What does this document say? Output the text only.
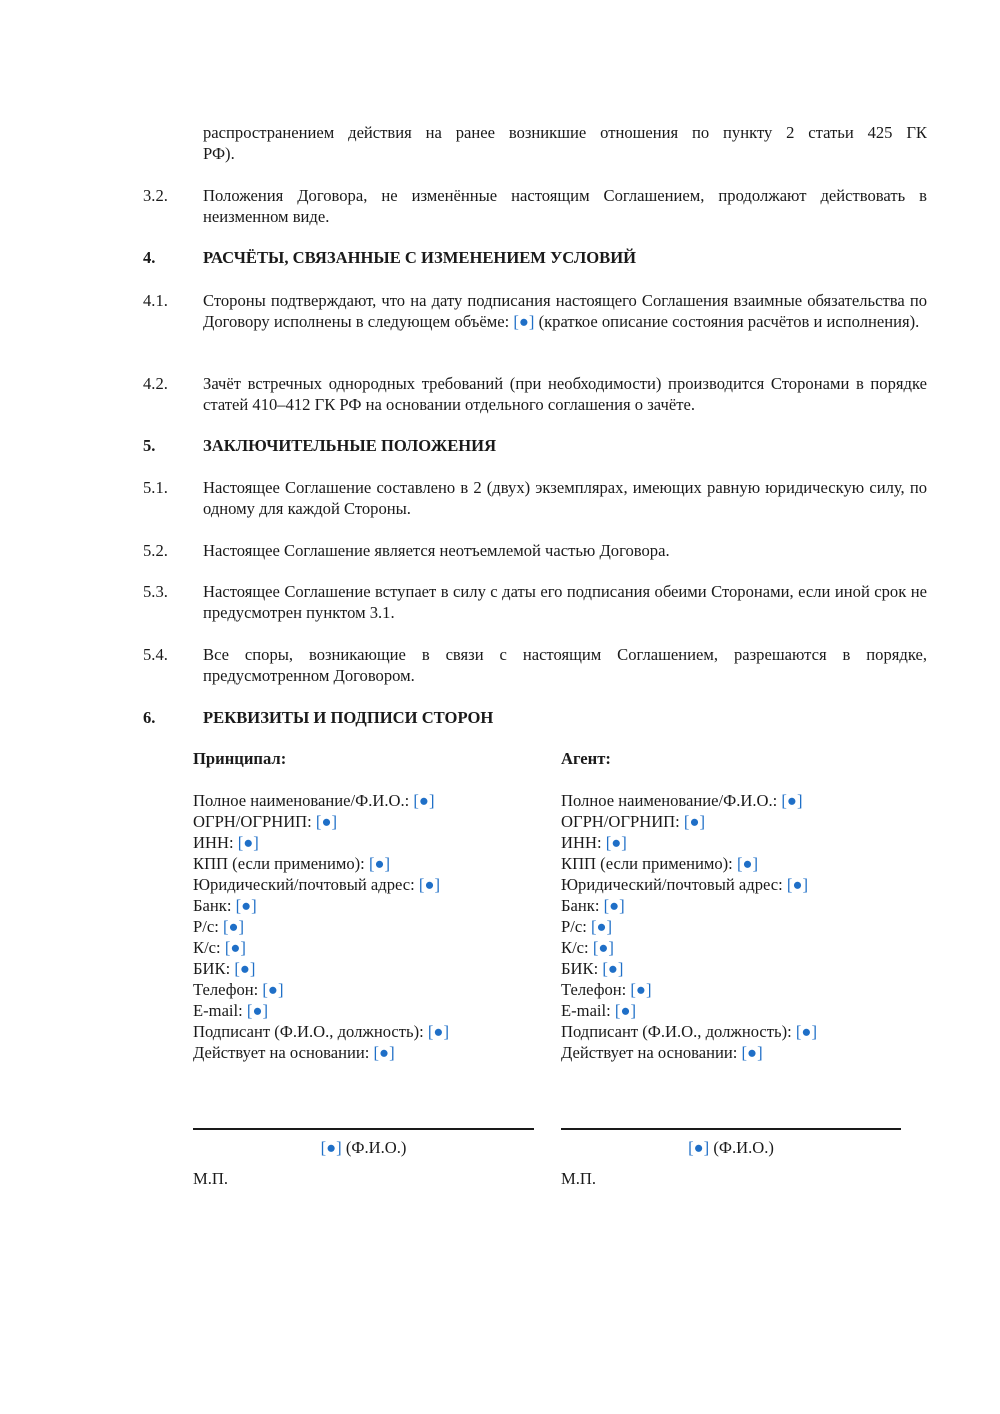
распространением действия на ранее возникшие отношения по пункту 2 статьи 425 ГК
РФ).
3.2. Положения Договора, не изменённые настоящим Соглашением, продолжают действовать в неизменном виде.
4.	РАСЧЁТЫ, СВЯЗАННЫЕ С ИЗМЕНЕНИЕМ УСЛОВИЙ
4.1. Стороны подтверждают, что на дату подписания настоящего Соглашения взаимные обязательства по Договору исполнены в следующем объёме: [●] (краткое описание состояния расчётов и исполнения).
4.2. Зачёт встречных однородных требований (при необходимости) производится Сторонами в порядке статей 410–412 ГК РФ на основании отдельного соглашения о зачёте.
5.	ЗАКЛЮЧИТЕЛЬНЫЕ ПОЛОЖЕНИЯ
5.1. Настоящее Соглашение составлено в 2 (двух) экземплярах, имеющих равную юридическую силу, по одному для каждой Стороны.
5.2. Настоящее Соглашение является неотъемлемой частью Договора.
5.3. Настоящее Соглашение вступает в силу с даты его подписания обеими Сторонами, если иной срок не предусмотрен пунктом 3.1.
5.4. Все споры, возникающие в связи с настоящим Соглашением, разрешаются в порядке, предусмотренном Договором.
6.	РЕКВИЗИТЫ И ПОДПИСИ СТОРОН
Принципал:
Полное наименование/Ф.И.О.: [●]
ОГРН/ОГРНИП: [●]
ИНН: [●]
КПП (если применимо): [●]
Юридический/почтовый адрес: [●]
Банк: [●]
Р/с: [●]
К/с: [●]
БИК: [●]
Телефон: [●]
E-mail: [●]
Подписант (Ф.И.О., должность): [●]
Действует на основании: [●]
Агент:
Полное наименование/Ф.И.О.: [●]
ОГРН/ОГРНИП: [●]
ИНН: [●]
КПП (если применимо): [●]
Юридический/почтовый адрес: [●]
Банк: [●]
Р/с: [●]
К/с: [●]
БИК: [●]
Телефон: [●]
E-mail: [●]
Подписант (Ф.И.О., должность): [●]
Действует на основании: [●]
[●] (Ф.И.О.)
М.П.
[●] (Ф.И.О.)
М.П.
